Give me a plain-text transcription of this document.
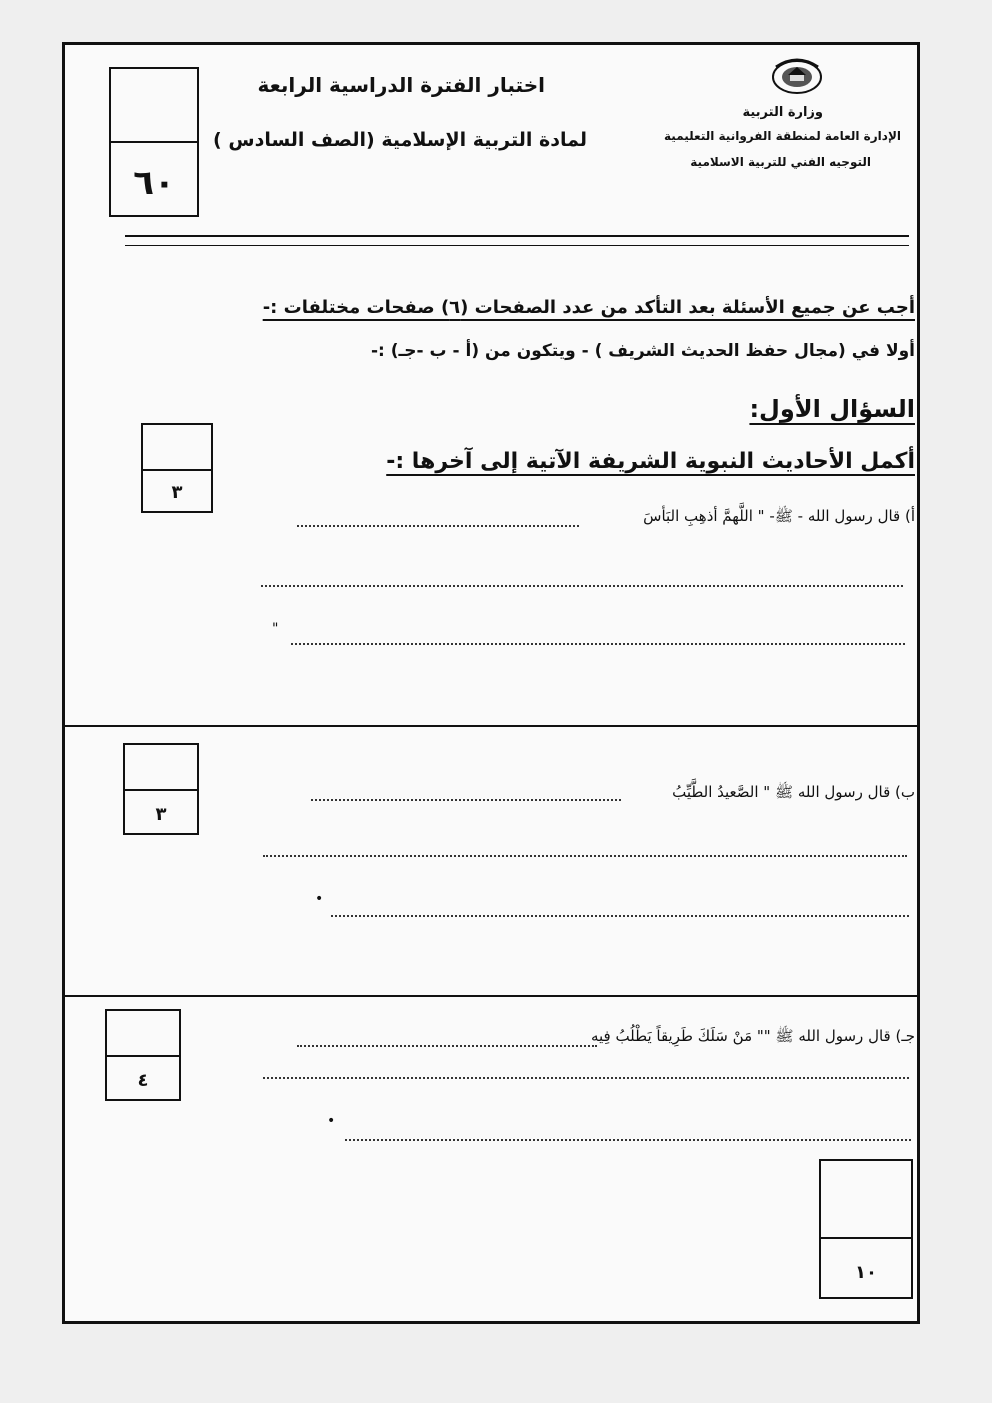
٦٠
اختبار الفترة الدراسية الرابعة
لمادة التربية الإسلامية (الصف السادس )
وزارة التربية
الإدارة العامة لمنطقة الفروانية التعليمية
التوجيه الفني للتربية الاسلامية
أجب عن جميع الأسئلة بعد التأكد من عدد الصفحات (٦) صفحات مختلفات :-
أولا في (مجال حفظ الحديث الشريف ) - ويتكون من (أ - ب -جـ) :-
السؤال الأول:
أكمل الأحاديث النبوية الشريفة الآتية إلى آخرها :-
٣
أ) قال رسول الله - ﷺ- " اللَّهمَّ أذهِبِ البَأسَ
"
٣
ب) قال رسول الله ﷺ " الصَّعيدُ الطَّيِّبُ
•
٤
جـ) قال رسول الله ﷺ "" مَنْ سَلَكَ طَرِيقاً يَطْلُبُ فِيه
•
١٠
•
